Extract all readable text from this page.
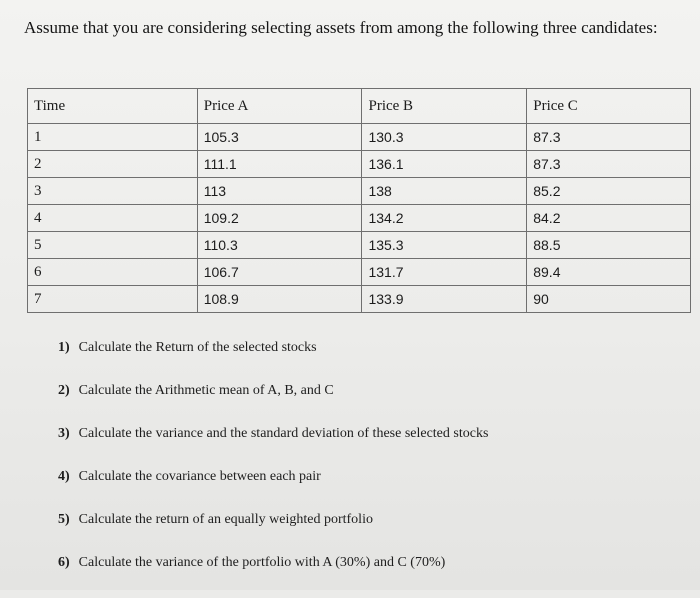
Assume that you are considering selecting assets from among the following three candidates:
Time	Price A	Price B	Price C
1	105.3	130.3	87.3
2	111.1	136.1	87.3
3	113	138	85.2
4	109.2	134.2	84.2
5	110.3	135.3	88.5
6	106.7	131.7	89.4
7	108.9	133.9	90
1) Calculate the Return of the selected stocks
2) Calculate the Arithmetic mean of A, B, and C
3) Calculate the variance and the standard deviation of these selected stocks
4) Calculate the covariance between each pair
5) Calculate the return of an equally weighted portfolio
6) Calculate the variance of the portfolio with A (30%) and C (70%)
